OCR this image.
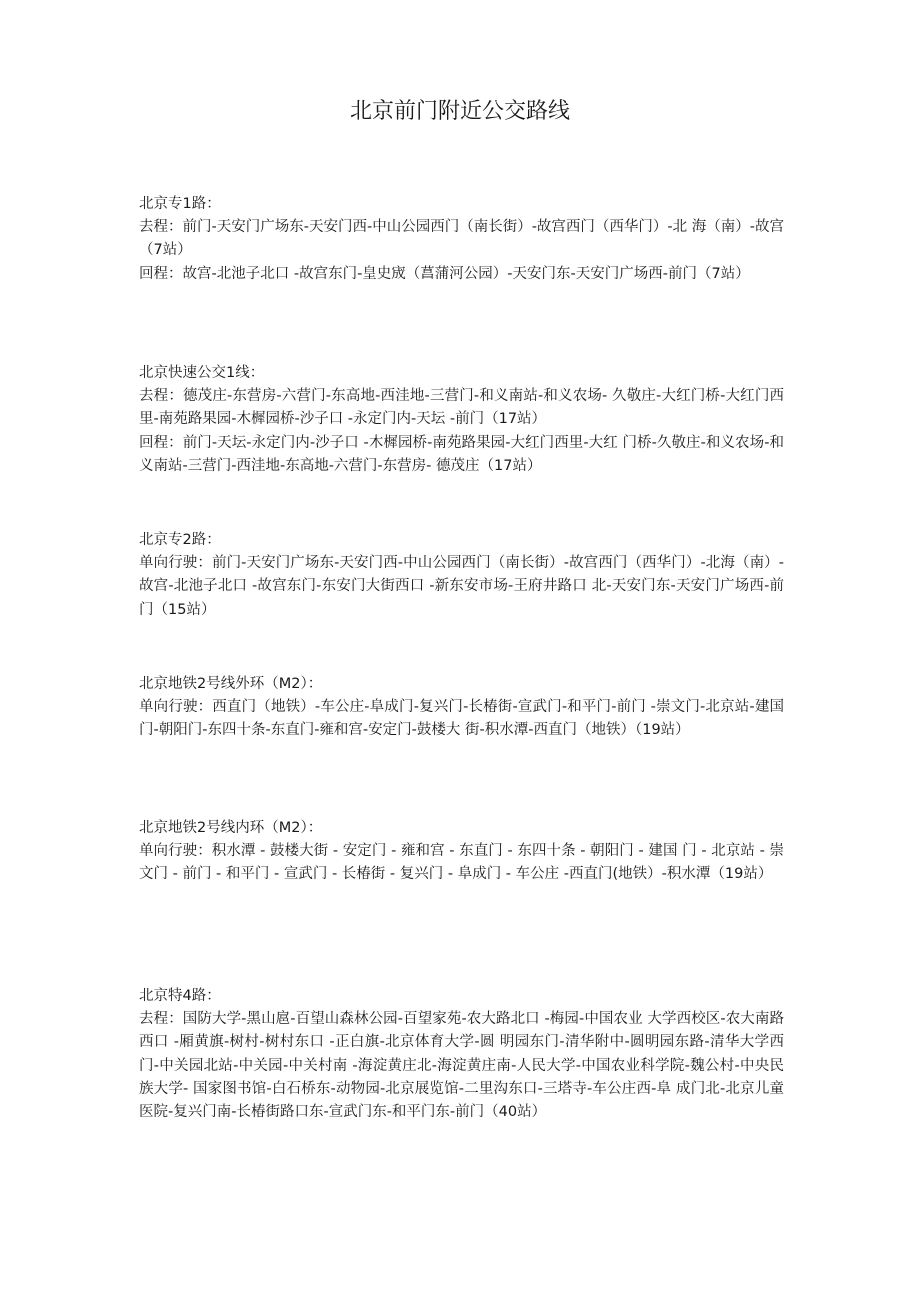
北京前门附近公交路线

北京专1路：

去程：前门-天安门广场东-天安门西-中山公园西门（南长街）-故宫西门（西华门）-北 海（南）-故宫（7站）

回程：故宫-北池子北口 -故宫东门-皇史宬（菖蒲河公园）-天安门东-天安门广场西-前门（7站）

北京快速公交1线：

去程：德茂庄-东营房-六营门-东高地-西洼地-三营门-和义南站-和义农场- 久敬庄-大红门桥-大红门西里-南苑路果园-木樨园桥-沙子口 -永定门内-天坛 -前门（17站）

回程：前门-天坛-永定门内-沙子口 -木樨园桥-南苑路果园-大红门西里-大红 门桥-久敬庄-和义农场-和义南站-三营门-西洼地-东高地-六营门-东营房- 德茂庄（17站）

北京专2路：

单向行驶：前门-天安门广场东-天安门西-中山公园西门（南长街）-故宫西门（西华门）-北海（南）-故宫-北池子北口 -故宫东门-东安门大街西口 -新东安市场-王府井路口 北-天安门东-天安门广场西-前门（15站）

北京地铁2号线外环（M2）：

单向行驶：西直门（地铁）-车公庄-阜成门-复兴门-长椿街-宣武门-和平门-前门 -崇文门-北京站-建国门-朝阳门-东四十条-东直门-雍和宫-安定门-鼓楼大 街-积水潭-西直门（地铁）（19站）

北京地铁2号线内环（M2）：

单向行驶：积水潭 - 鼓楼大街 - 安定门 - 雍和宫 - 东直门 - 东四十条 - 朝阳门 - 建国 门 - 北京站 - 崇文门 - 前门 - 和平门 - 宣武门 - 长椿街 - 复兴门 - 阜成门 - 车公庄 -西直门(地铁）-积水潭（19站）

北京特4路：

去程：国防大学-黑山扈-百望山森林公园-百望家苑-农大路北口 -梅园-中国农业 大学西校区-农大南路西口 -厢黄旗-树村-树村东口 -正白旗-北京体育大学-圆 明园东门-清华附中-圆明园东路-清华大学西门-中关园北站-中关园-中关村南 -海淀黄庄北-海淀黄庄南-人民大学-中国农业科学院-魏公村-中央民族大学- 国家图书馆-白石桥东-动物园-北京展览馆-二里沟东口-三塔寺-车公庄西-阜 成门北-北京儿童医院-复兴门南-长椿街路口东-宣武门东-和平门东-前门（40站）
